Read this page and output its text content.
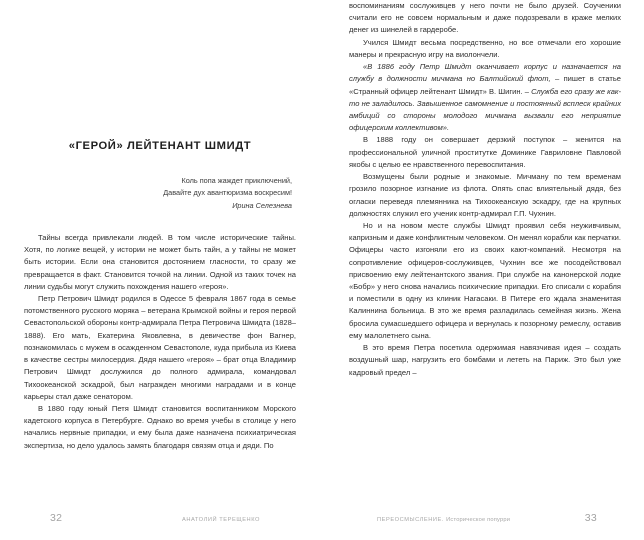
«ГЕРОЙ» ЛЕЙТЕНАНТ ШМИДТ
Коль попа жаждет приключений,
Давайте дух авантюризма воскресим!
Ирина Селезнева

Тайны всегда привлекали людей. В том числе исторические тайны. Хотя, по логике вещей, у истории не может быть тайн, а у тайны не может быть истории. Если она становится достоянием гласности, то сразу же превращается в факт. Становится точкой на линии. Одной из таких точек на линии судьбы могут служить похождения нашего «героя».

Петр Петрович Шмидт родился в Одессе 5 февраля 1867 года в семье потомственного русского моряка – ветерана Крымской войны и героя первой Севастопольской обороны контр-адмирала Петра Петровича Шмидта (1828–1888). Его мать, Екатерина Яковлевна, в девичестве фон Вагнер, познакомилась с мужем в осажденном Севастополе, куда прибыла из Киева в качестве сестры милосердия. Дядя нашего «героя» – брат отца Владимир Петрович Шмидт дослужился до полного адмирала, командовал Тихоокеанской эскадрой, был награжден многими наградами и в конце карьеры стал даже сенатором.

В 1880 году юный Петя Шмидт становится воспитанником Морского кадетского корпуса в Петербурге. Однако во время учебы в столице у него начались нервные припадки, и ему была даже назначена психиатрическая экспертиза, но дело удалось замять благодаря связям отца и дяди. По

32	АНАТОЛИЙ ТЕРЕЩЕНКО

воспоминаниям сослуживцев у него почти не было друзей. Соученики считали его не совсем нормальным и даже подозревали в краже мелких денег из шинелей в гардеробе.

Учился Шмидт весьма посредственно, но все отмечали его хорошие манеры и прекрасную игру на виолончели.

«В 1886 году Петр Шмидт оканчивает корпус и назначается на службу в должности мичмана но Балтийский флот, – пишет в статье «Странный офицер лейтенант Шмидт» В. Шигин. – Служба его сразу же как-то не заладилось. Завышенное самомнение и постоянный всплеск крайних амбиций со стороны молодого мичмана вызвали его неприятие офицерским коллективом».

В 1888 году он совершает дерзкий поступок – женится на профессиональной уличной проститутке Доминике Гавриловне Павловой якобы с целью ее нравственного перевоспитания.

Возмущены были родные и знакомые. Мичману по тем временам грозило позорное изгнание из флота. Опять спас влиятельный дядя, без огласки переведя племянника на Тихоокеанскую эскадру, где на крупных должностях служил его ученик контр-адмирал Г.П. Чухнин.

Но и на новом месте службы Шмидт проявил себя неуживчивым, капризным и даже конфликтным человеком. Он менял корабли как перчатки. Офицеры часто изгоняли его из своих кают-компаний. Несмотря на сопротивление офицеров-сослуживцев, Чухнин все же посодействовал присвоению ему лейтенантского звания. При службе на канонерской лодке «Бобр» у него снова начались психические припадки. Его списали с корабля и поместили в одну из клиник Нагасаки. В Питере его ждала знаменитая Калиннина больница. В это же время разладилась семейная жизнь. Жена бросила сумасшедшего офицера и вернулась к позорному ремеслу, оставив ему малолетнего сына.

В это время Петра посетила одержимая навязчивая идея – создать воздушный шар, нагрузить его бомбами и лететь на Париж. Это был уже кадровый предел –

ПЕРЕОСМЫСЛЕНИЕ. Историческое попурри	33
